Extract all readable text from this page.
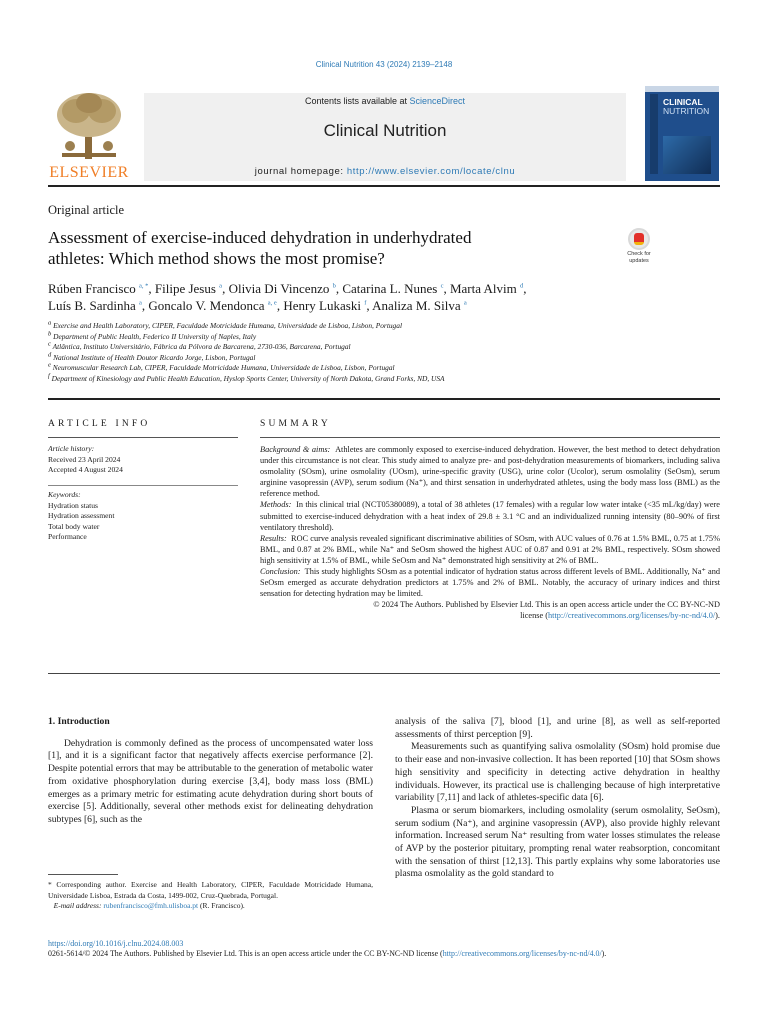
Clinical Nutrition 43 (2024) 2139–2148
ELSEVIER
Contents lists available at ScienceDirect
Clinical Nutrition
journal homepage: http://www.elsevier.com/locate/clnu
CLINICAL
NUTRITION
Original article
Assessment of exercise-induced dehydration in underhydrated
athletes: Which method shows the most promise?	Check for updates
Rúben Francisco $^{a, *}$, Filipe Jesus $^a$, Olivia Di Vincenzo $^b$, Catarina L. Nunes $^c$, Marta Alvim $^d$,
Luís B. Sardinha $^a$, Goncalo V. Mendonca $^{a, e}$, Henry Lukaski $^f$, Analiza M. Silva $^a$
$^a$ Exercise and Health Laboratory, CIPER, Faculdade Motricidade Humana, Universidade de Lisboa, Lisbon, Portugal
$^b$ Department of Public Health, Federico II University of Naples, Italy
$^c$ Atlântica, Instituto Universitário, Fábrica da Pólvora de Barcarena, 2730-036, Barcarena, Portugal
$^d$ National Institute of Health Doutor Ricardo Jorge, Lisbon, Portugal
$^e$ Neuromuscular Research Lab, CIPER, Faculdade Motricidade Humana, Universidade de Lisboa, Lisbon, Portugal
$^f$ Department of Kinesiology and Public Health Education, Hyslop Sports Center, University of North Dakota, Grand Forks, ND, USA
ARTICLE INFO
Article history:
Received 23 April 2024
Accepted 4 August 2024
Keywords:
Hydration status
Hydration assessment
Total body water
Performance
SUMMARY
Background & aims: Athletes are commonly exposed to exercise-induced dehydration. However, the best method to detect dehydration under this circumstance is not clear. This study aimed to analyze pre- and post-dehydration measurements of biomarkers, including saliva osmolality (SOsm), urine osmolality (UOsm), urine-specific gravity (USG), urine color (Ucolor), serum osmolality (SeOsm), serum arginine vasopressin (AVP), serum sodium (Na⁺), and thirst sensation in underhydrated athletes, using the body mass loss (BML) as the reference method.
Methods: In this clinical trial (NCT05380089), a total of 38 athletes (17 females) with a regular low water intake (<35 mL/kg/day) were submitted to exercise-induced dehydration with a heat index of 29.8 ± 3.1 °C and an individualized running intensity (80–90% of first ventilatory threshold).
Results: ROC curve analysis revealed significant discriminative abilities of SOsm, with AUC values of 0.76 at 1.5% BML, 0.75 at 1.75% BML, and 0.87 at 2% BML, while Na⁺ and SeOsm showed the highest AUC of 0.87 and 0.91 at 2% BML, respectively. SOsm showed high sensitivity at 1.5% of BML, while SeOsm and Na⁺ demonstrated high sensitivity at 2% of BML.
Conclusion: This study highlights SOsm as a potential indicator of hydration status across different levels of BML. Additionally, Na⁺ and SeOsm emerged as accurate dehydration predictors at 1.75% and 2% of BML. Notably, the accuracy of urinary indices and thirst sensation for detecting hydration may be limited.
© 2024 The Authors. Published by Elsevier Ltd. This is an open access article under the CC BY-NC-ND
license (http://creativecommons.org/licenses/by-nc-nd/4.0/).
1. Introduction

Dehydration is commonly defined as the process of uncompensated water loss [1], and it is a significant factor that negatively affects exercise performance [2]. Despite potential errors that may be attributable to the generation of metabolic water from oxidative phosphorylation during exercise [3,4], body mass loss (BML) emerges as a primary metric for estimating acute dehydration during short bouts of exercise [5]. Additionally, several other methods exist for delineating dehydration subtypes [6], such as the

analysis of the saliva [7], blood [1], and urine [8], as well as self-reported assessments of thirst perception [9].

Measurements such as quantifying saliva osmolality (SOsm) hold promise due to their ease and non-invasive collection. It has been reported [10] that SOsm shows high sensitivity and specificity in detecting active dehydration in healthy individuals. However, its practical use is challenging because of high interpretative variability [7,11] and lack of athletes-specific data [6].

Plasma or serum biomarkers, including osmolality (serum osmolality, SeOsm), serum sodium (Na⁺), and arginine vasopressin (AVP), also provide highly relevant information. Increased serum Na⁺ resulting from water losses stimulates the release of AVP by the posterior pituitary, prompting renal water reabsorption, concomitant with the sensation of thirst [12,13]. This partly explains why some laboratories use plasma osmolality as the gold standard to

* Corresponding author. Exercise and Health Laboratory, CIPER, Faculdade Motricidade Humana, Universidade Lisboa, Estrada da Costa, 1499-002, Cruz-Quebrada, Portugal.
E-mail address: rubenfrancisco@fmh.ulisboa.pt (R. Francisco).
https://doi.org/10.1016/j.clnu.2024.08.003
0261-5614/© 2024 The Authors. Published by Elsevier Ltd. This is an open access article under the CC BY-NC-ND license (http://creativecommons.org/licenses/by-nc-nd/4.0/).
